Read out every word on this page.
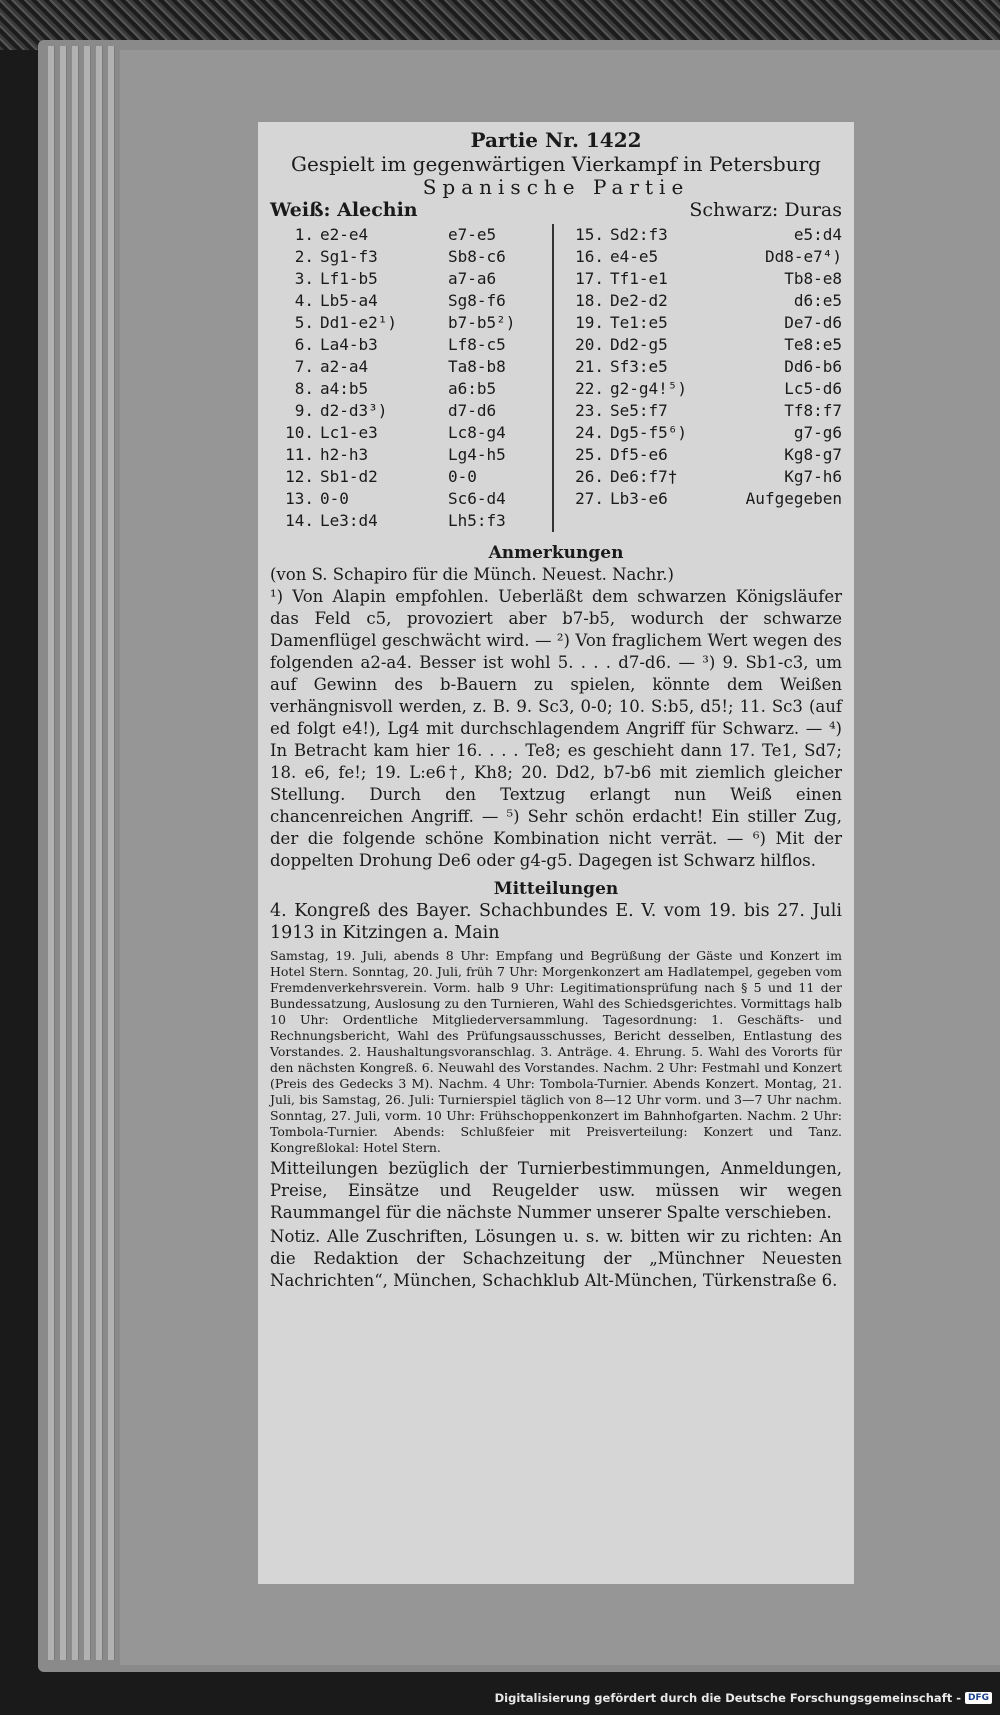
Partie Nr. 1422
Gespielt im gegenwärtigen Vierkampf in Petersburg
Spanische Partie
Weiß: Alechin	Schwarz: Duras
1. e2-e4	e7-e5
2. Sg1-f3	Sb8-c6
3. Lf1-b5	a7-a6
4. Lb5-a4	Sg8-f6
5. Dd1-e2¹)	b7-b5²)
6. La4-b3	Lf8-c5
7. a2-a4	Ta8-b8
8. a4:b5	a6:b5
9. d2-d3³)	d7-d6
10. Lc1-e3	Lc8-g4
11. h2-h3	Lg4-h5
12. Sb1-d2	0-0
13. 0-0	Sc6-d4
14. Le3:d4	Lh5:f3
15. Sd2:f3	e5:d4
16. e4-e5	Dd8-e7⁴)
17. Tf1-e1	Tb8-e8
18. De2-d2	d6:e5
19. Te1:e5	De7-d6
20. Dd2-g5	Te8:e5
21. Sf3:e5	Dd6-b6
22. g2-g4!⁵)	Lc5-d6
23. Se5:f7	Tf8:f7
24. Dg5-f5⁶)	g7-g6
25. Df5-e6	Kg8-g7
26. De6:f7†	Kg7-h6
27. Lb3-e6	Aufgegeben
Anmerkungen

(von S. Schapiro für die Münch. Neuest. Nachr.)

¹) Von Alapin empfohlen. Ueberläßt dem schwarzen Königsläufer das Feld c5, provoziert aber b7-b5, wodurch der schwarze Damenflügel geschwächt wird. — ²) Von fraglichem Wert wegen des folgenden a2-a4. Besser ist wohl 5. . . . d7-d6. — ³) 9. Sb1-c3, um auf Gewinn des b-Bauern zu spielen, könnte dem Weißen verhängnisvoll werden, z. B. 9. Sc3, 0-0; 10. S:b5, d5!; 11. Sc3 (auf ed folgt e4!), Lg4 mit durchschlagendem Angriff für Schwarz. — ⁴) In Betracht kam hier 16. . . . Te8; es geschieht dann 17. Te1, Sd7; 18. e6, fe!; 19. L:e6†, Kh8; 20. Dd2, b7-b6 mit ziemlich gleicher Stellung. Durch den Textzug erlangt nun Weiß einen chancenreichen Angriff. — ⁵) Sehr schön erdacht! Ein stiller Zug, der die folgende schöne Kombination nicht verrät. — ⁶) Mit der doppelten Drohung De6 oder g4-g5. Dagegen ist Schwarz hilflos.

Mitteilungen

4. Kongreß des Bayer. Schachbundes E. V. vom 19. bis 27. Juli 1913 in Kitzingen a. Main

Samstag, 19. Juli, abends 8 Uhr: Empfang und Begrüßung der Gäste und Konzert im Hotel Stern. Sonntag, 20. Juli, früh 7 Uhr: Morgenkonzert am Hadlatempel, gegeben vom Fremdenverkehrsverein. Vorm. halb 9 Uhr: Legitimationsprüfung nach § 5 und 11 der Bundessatzung, Auslosung zu den Turnieren, Wahl des Schiedsgerichtes. Vormittags halb 10 Uhr: Ordentliche Mitgliederversammlung. Tagesordnung: 1. Geschäfts- und Rechnungsbericht, Wahl des Prüfungsausschusses, Bericht desselben, Entlastung des Vorstandes. 2. Haushaltungsvoranschlag. 3. Anträge. 4. Ehrung. 5. Wahl des Vororts für den nächsten Kongreß. 6. Neuwahl des Vorstandes. Nachm. 2 Uhr: Festmahl und Konzert (Preis des Gedecks 3 M). Nachm. 4 Uhr: Tombola-Turnier. Abends Konzert. Montag, 21. Juli, bis Samstag, 26. Juli: Turnierspiel täglich von 8—12 Uhr vorm. und 3—7 Uhr nachm. Sonntag, 27. Juli, vorm. 10 Uhr: Frühschoppenkonzert im Bahnhofgarten. Nachm. 2 Uhr: Tombola-Turnier. Abends: Schlußfeier mit Preisverteilung: Konzert und Tanz. Kongreßlokal: Hotel Stern.

Mitteilungen bezüglich der Turnierbestimmungen, Anmeldungen, Preise, Einsätze und Reugelder usw. müssen wir wegen Raummangel für die nächste Nummer unserer Spalte verschieben.

Notiz. Alle Zuschriften, Lösungen u. s. w. bitten wir zu richten: An die Redaktion der Schachzeitung der „Münchner Neuesten Nachrichten“, München, Schachklub Alt-München, Türkenstraße 6.

Digitalisierung gefördert durch die Deutsche Forschungsgemeinschaft - DFG
